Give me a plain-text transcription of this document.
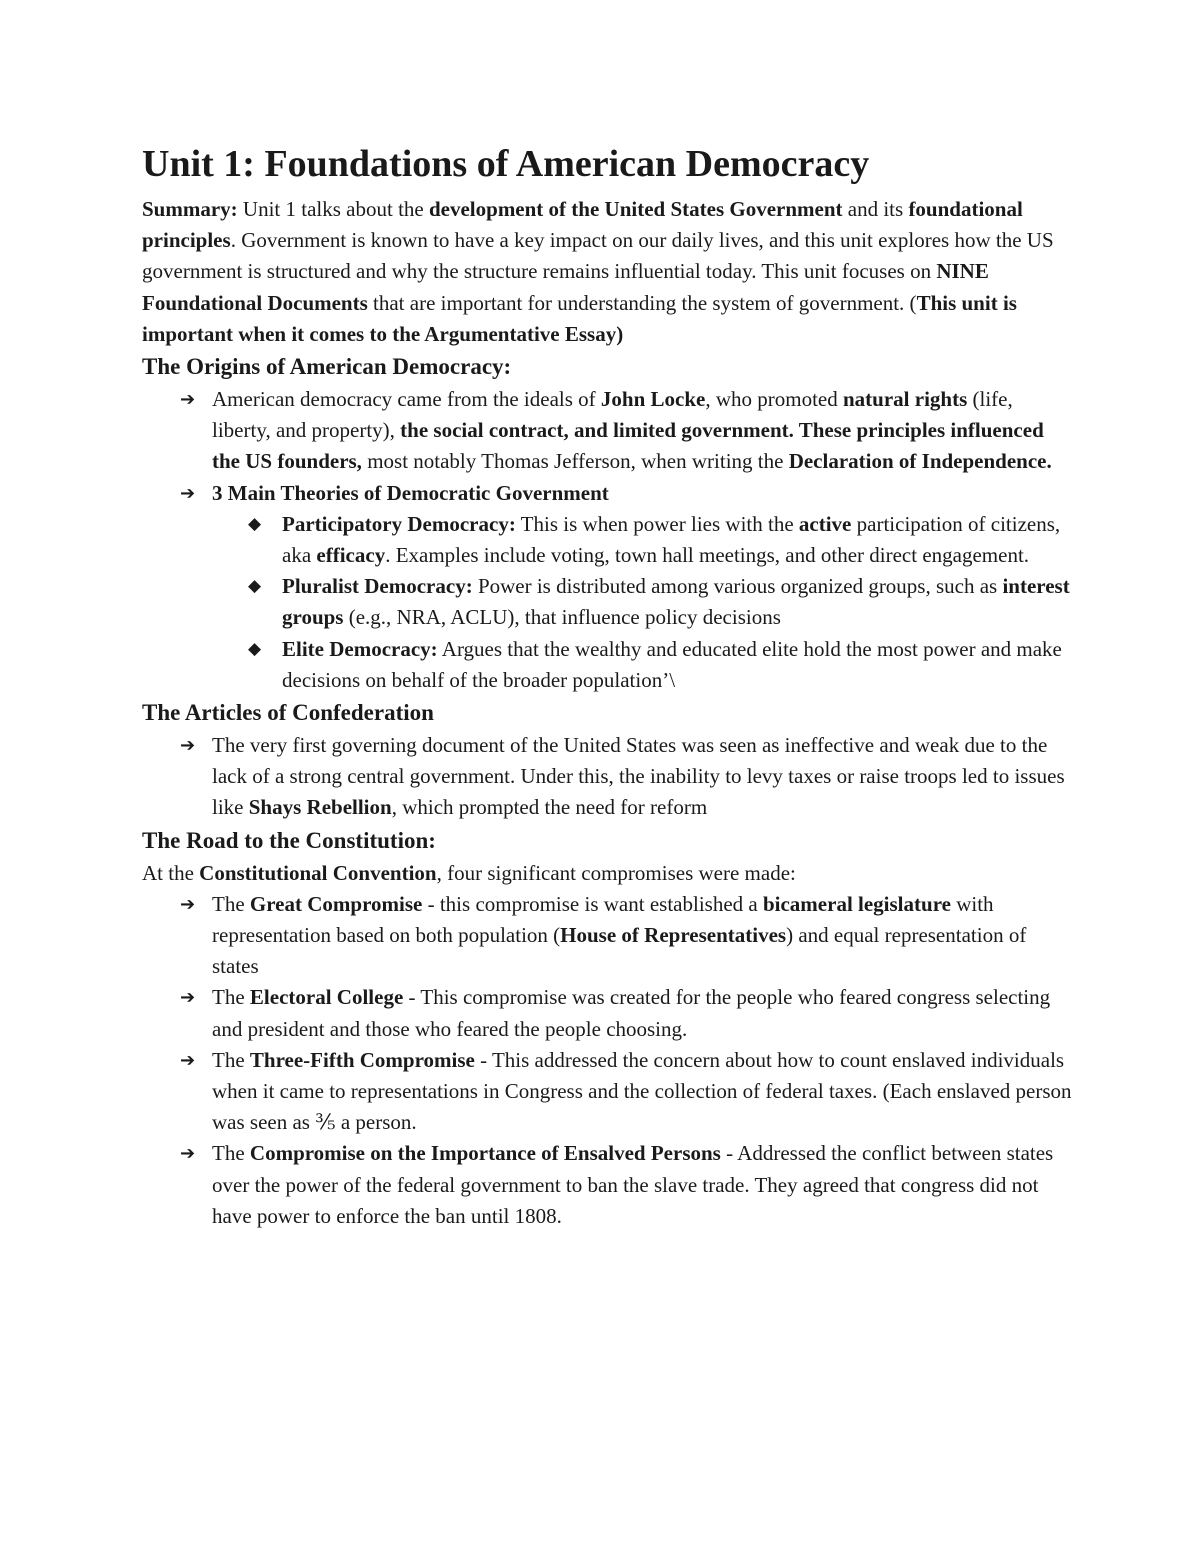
Unit 1: Foundations of American Democracy

Summary: Unit 1 talks about the development of the United States Government and its foundational principles. Government is known to have a key impact on our daily lives, and this unit explores how the US government is structured and why the structure remains influential today. This unit focuses on NINE Foundational Documents that are important for understanding the system of government. (This unit is important when it comes to the Argumentative Essay)

The Origins of American Democracy:
➔ American democracy came from the ideals of John Locke, who promoted natural rights (life, liberty, and property), the social contract, and limited government. These principles influenced the US founders, most notably Thomas Jefferson, when writing the Declaration of Independence.
➔ 3 Main Theories of Democratic Government
◆ Participatory Democracy: This is when power lies with the active participation of citizens, aka efficacy. Examples include voting, town hall meetings, and other direct engagement.
◆ Pluralist Democracy: Power is distributed among various organized groups, such as interest groups (e.g., NRA, ACLU), that influence policy decisions
◆ Elite Democracy: Argues that the wealthy and educated elite hold the most power and make decisions on behalf of the broader population’\
The Articles of Confederation
➔ The very first governing document of the United States was seen as ineffective and weak due to the lack of a strong central government. Under this, the inability to levy taxes or raise troops led to issues like Shays Rebellion, which prompted the need for reform
The Road to the Constitution:

At the Constitutional Convention, four significant compromises were made:

➔ The Great Compromise - this compromise is want established a bicameral legislature with representation based on both population (House of Representatives) and equal representation of states
➔ The Electoral College - This compromise was created for the people who feared congress selecting and president and those who feared the people choosing.
➔ The Three-Fifth Compromise - This addressed the concern about how to count enslaved individuals when it came to representations in Congress and the collection of federal taxes. (Each enslaved person was seen as ⅗ a person.
➔ The Compromise on the Importance of Ensalved Persons - Addressed the conflict between states over the power of the federal government to ban the slave trade. They agreed that congress did not have power to enforce the ban until 1808.
